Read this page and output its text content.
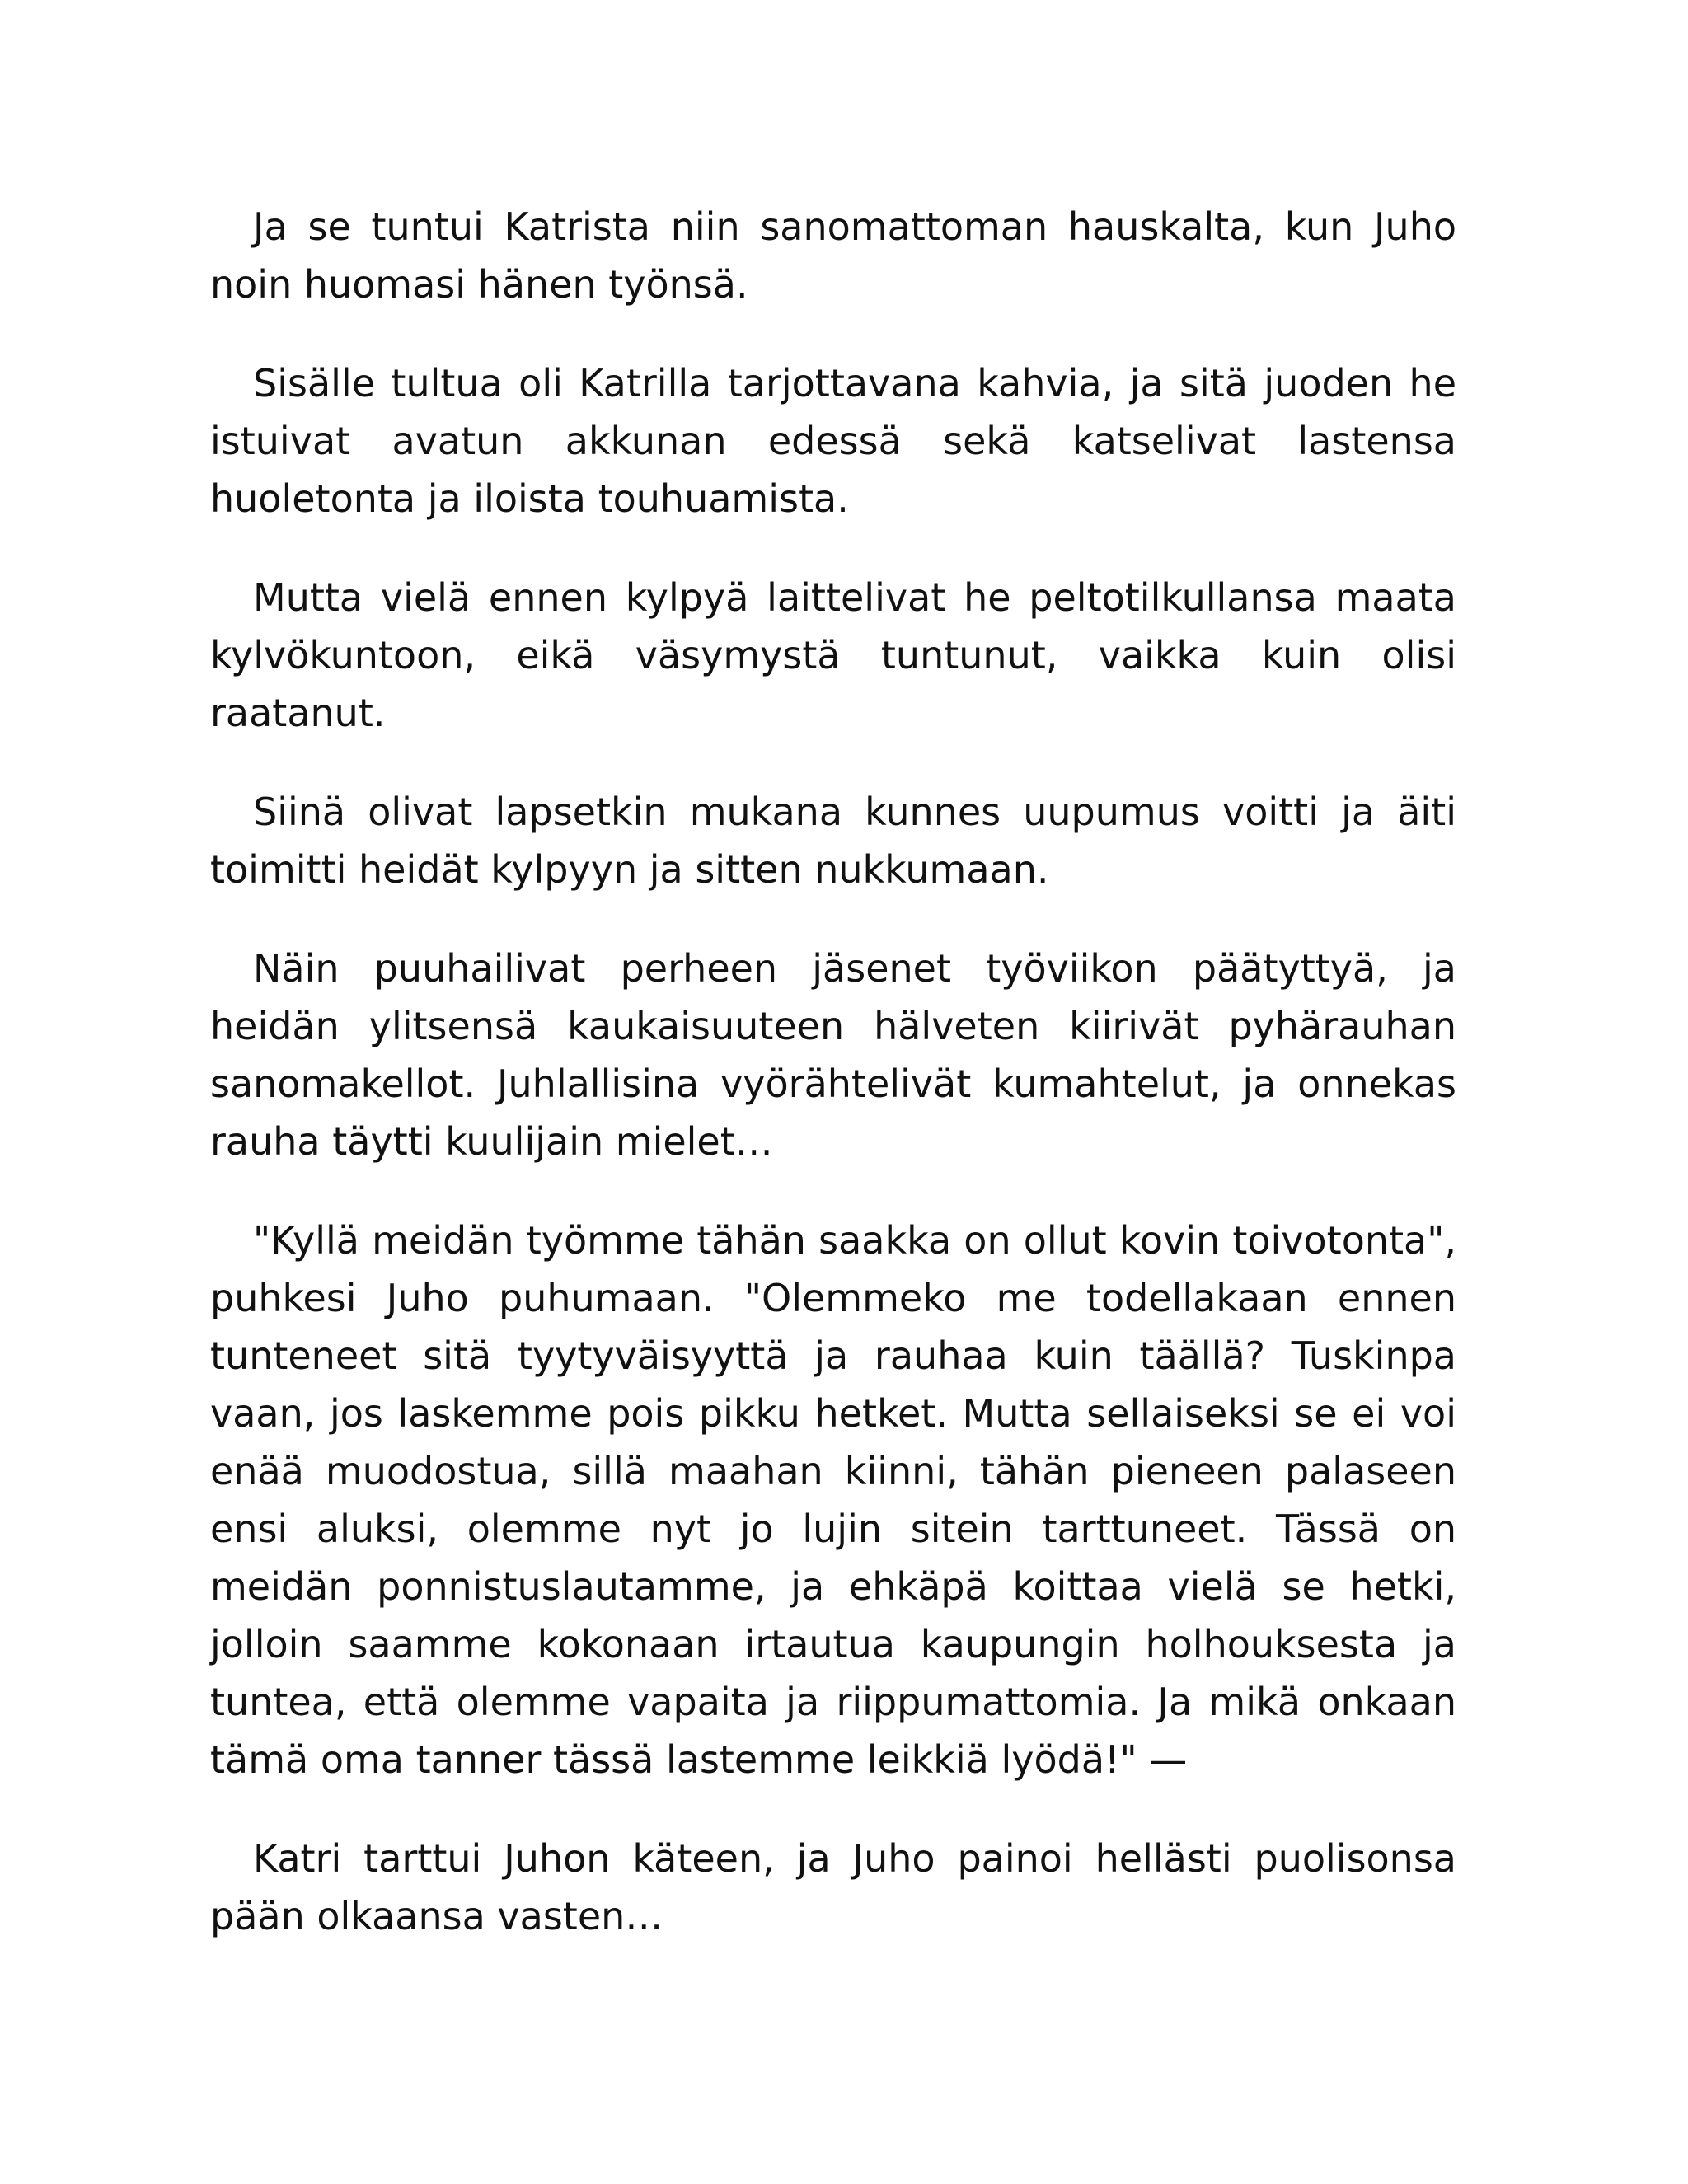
Ja se tuntui Katrista niin sanomattoman hauskalta, kun Juho noin huomasi hänen työnsä.

Sisälle tultua oli Katrilla tarjottavana kahvia, ja sitä juoden he istuivat avatun akkunan edessä sekä katselivat lastensa huoletonta ja iloista touhuamista.

Mutta vielä ennen kylpyä laittelivat he peltotilkullansa maata kylvökuntoon, eikä väsymystä tuntunut, vaikka kuin olisi raatanut.

Siinä olivat lapsetkin mukana kunnes uupumus voitti ja äiti toimitti heidät kylpyyn ja sitten nukkumaan.

Näin puuhailivat perheen jäsenet työviikon päätyttyä, ja heidän ylitsensä kaukaisuuteen hälveten kiirivät pyhärauhan sanomakellot. Juhlallisina vyörähtelivät kumahtelut, ja onnekas rauha täytti kuulijain mielet…

"Kyllä meidän työmme tähän saakka on ollut kovin toivotonta", puhkesi Juho puhumaan. "Olemmeko me todellakaan ennen tunteneet sitä tyytyväisyyttä ja rauhaa kuin täällä? Tuskinpa vaan, jos laskemme pois pikku hetket. Mutta sellaiseksi se ei voi enää muodostua, sillä maahan kiinni, tähän pieneen palaseen ensi aluksi, olemme nyt jo lujin sitein tarttuneet. Tässä on meidän ponnistuslautamme, ja ehkäpä koittaa vielä se hetki, jolloin saamme kokonaan irtautua kaupungin holhouksesta ja tuntea, että olemme vapaita ja riippumattomia. Ja mikä onkaan tämä oma tanner tässä lastemme leikkiä lyödä!" —

Katri tarttui Juhon käteen, ja Juho painoi hellästi puolisonsa pään olkaansa vasten…
